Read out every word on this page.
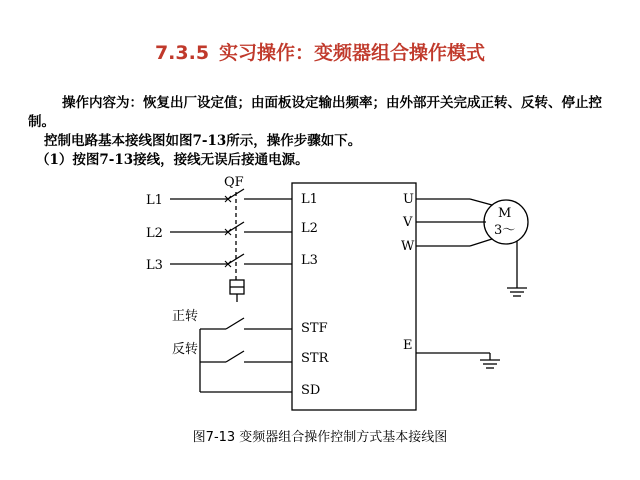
7.3.5 实习操作：变频器组合操作模式
操作内容为：恢复出厂设定值；由面板设定输出频率；由外部开关完成正转、反转、停止控制。
控制电路基本接线图如图7-13所示，操作步骤如下。
（1）按图7-13接线，接线无误后接通电源。
QF
L1
L2
L3
L1
L2
L3
U
V
W
M
3～
STF
STR
SD
E
正转
反转
图7-13 变频器组合操作控制方式基本接线图
